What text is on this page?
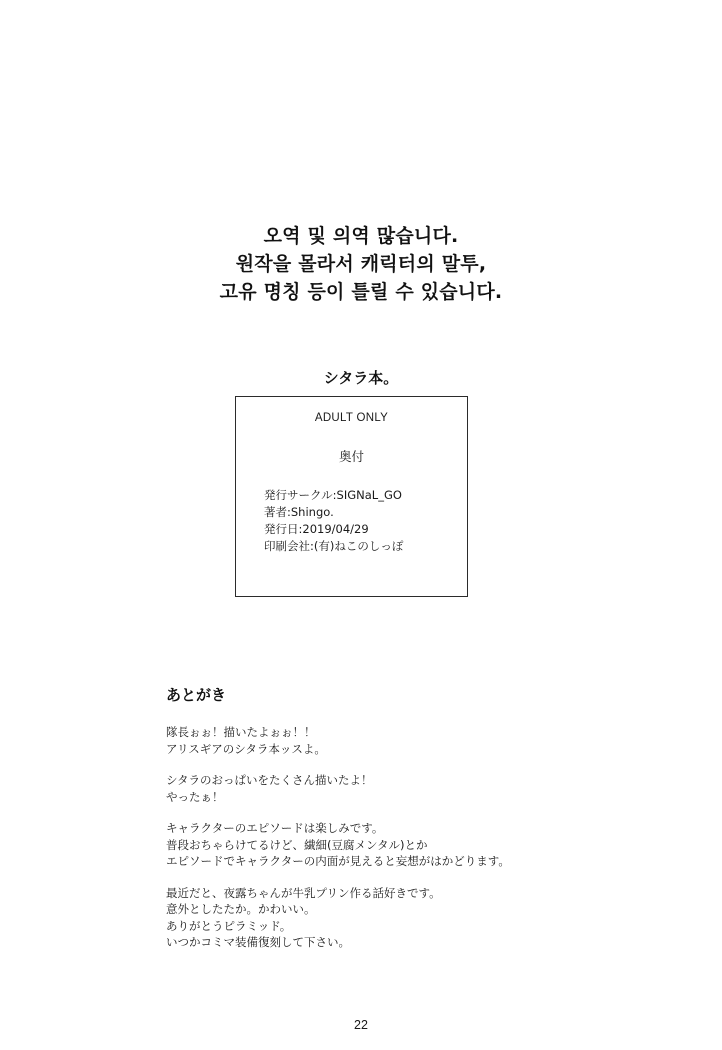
오역 및 의역 많습니다.
원작을 몰라서 캐릭터의 말투,
고유 명칭 등이 틀릴 수 있습니다.
シタラ本。
ADULT ONLY
奥付
発行サークル:SIGNaL_GO
著者:Shingo.
発行日:2019/04/29
印刷会社:(有)ねこのしっぽ
あとがき
隊長ぉぉ！描いたよぉぉ！！
アリスギアのシタラ本ッスよ。
シタラのおっぱいをたくさん描いたよ！
やったぁ！
キャラクターのエピソードは楽しみです。
普段おちゃらけてるけど、繊細(豆腐メンタル)とか
エピソードでキャラクターの内面が見えると妄想がはかどります。
最近だと、夜露ちゃんが牛乳プリン作る話好きです。
意外としたたか。かわいい。
ありがとうピラミッド。
いつかコミマ装備復刻して下さい。
22
